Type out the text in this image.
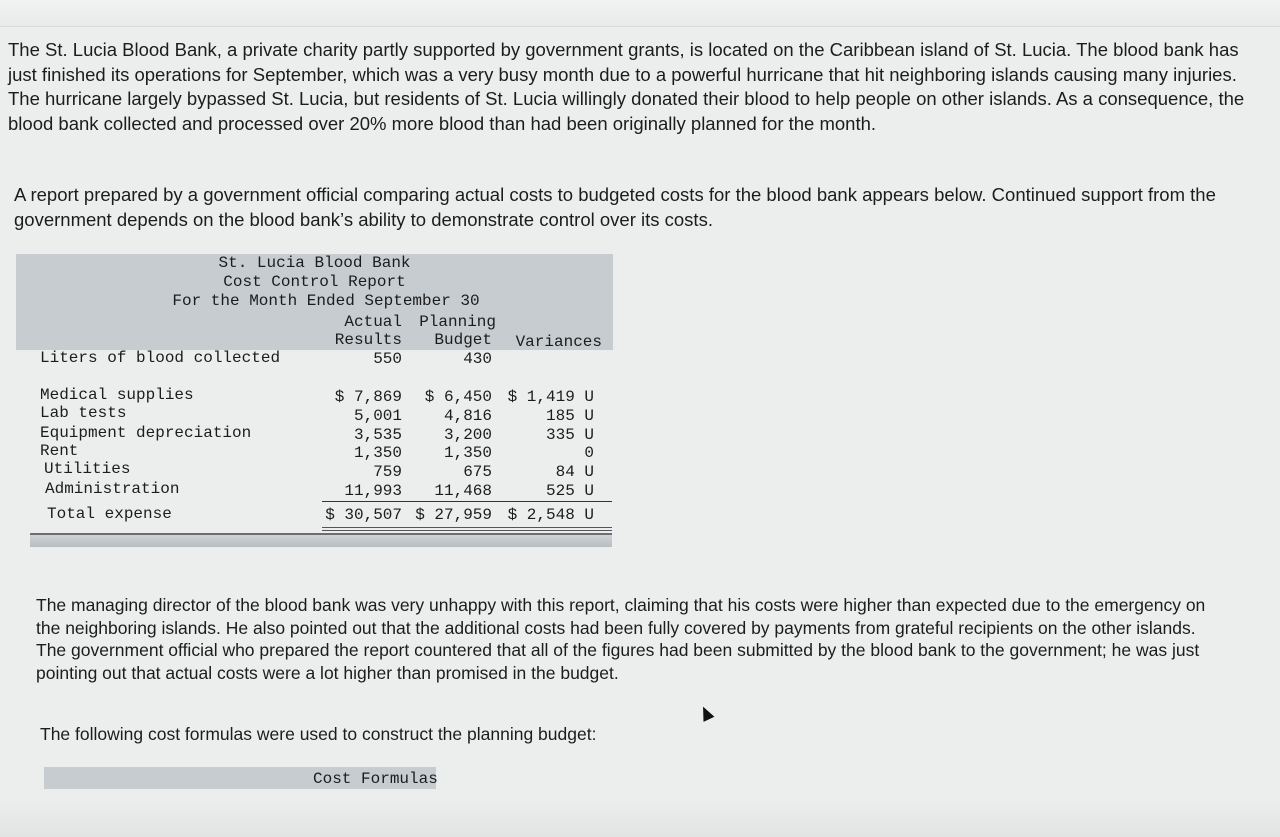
The St. Lucia Blood Bank, a private charity partly supported by government grants, is located on the Caribbean island of St. Lucia. The blood bank has just finished its operations for September, which was a very busy month due to a powerful hurricane that hit neighboring islands causing many injuries. The hurricane largely bypassed St. Lucia, but residents of St. Lucia willingly donated their blood to help people on other islands. As a consequence, the blood bank collected and processed over 20% more blood than had been originally planned for the month.

A report prepared by a government official comparing actual costs to budgeted costs for the blood bank appears below. Continued support from the government depends on the blood bank’s ability to demonstrate control over its costs.

St. Lucia Blood Bank
Cost Control Report
For the Month Ended September 30
Actual
Results
Planning
Budget	Variances
Liters of blood collected	550	430
Medical supplies	$ 7,869	$ 6,450 $ 1,419 U
Lab tests	5,001	4,816	185 U
Equipment depreciation	3,535	3,200	335 U
Rent	1,350	1,350	0
Utilities	759	675	84 U
Administration	11,993	11,468	525 U
Total expense	$ 30,507 $ 27,959 $ 2,548 U

The managing director of the blood bank was very unhappy with this report, claiming that his costs were higher than expected due to the emergency on the neighboring islands. He also pointed out that the additional costs had been fully covered by payments from grateful recipients on the other islands. The government official who prepared the report countered that all of the figures had been submitted by the blood bank to the government; he was just pointing out that actual costs were a lot higher than promised in the budget.

The following cost formulas were used to construct the planning budget:

Cost Formulas
